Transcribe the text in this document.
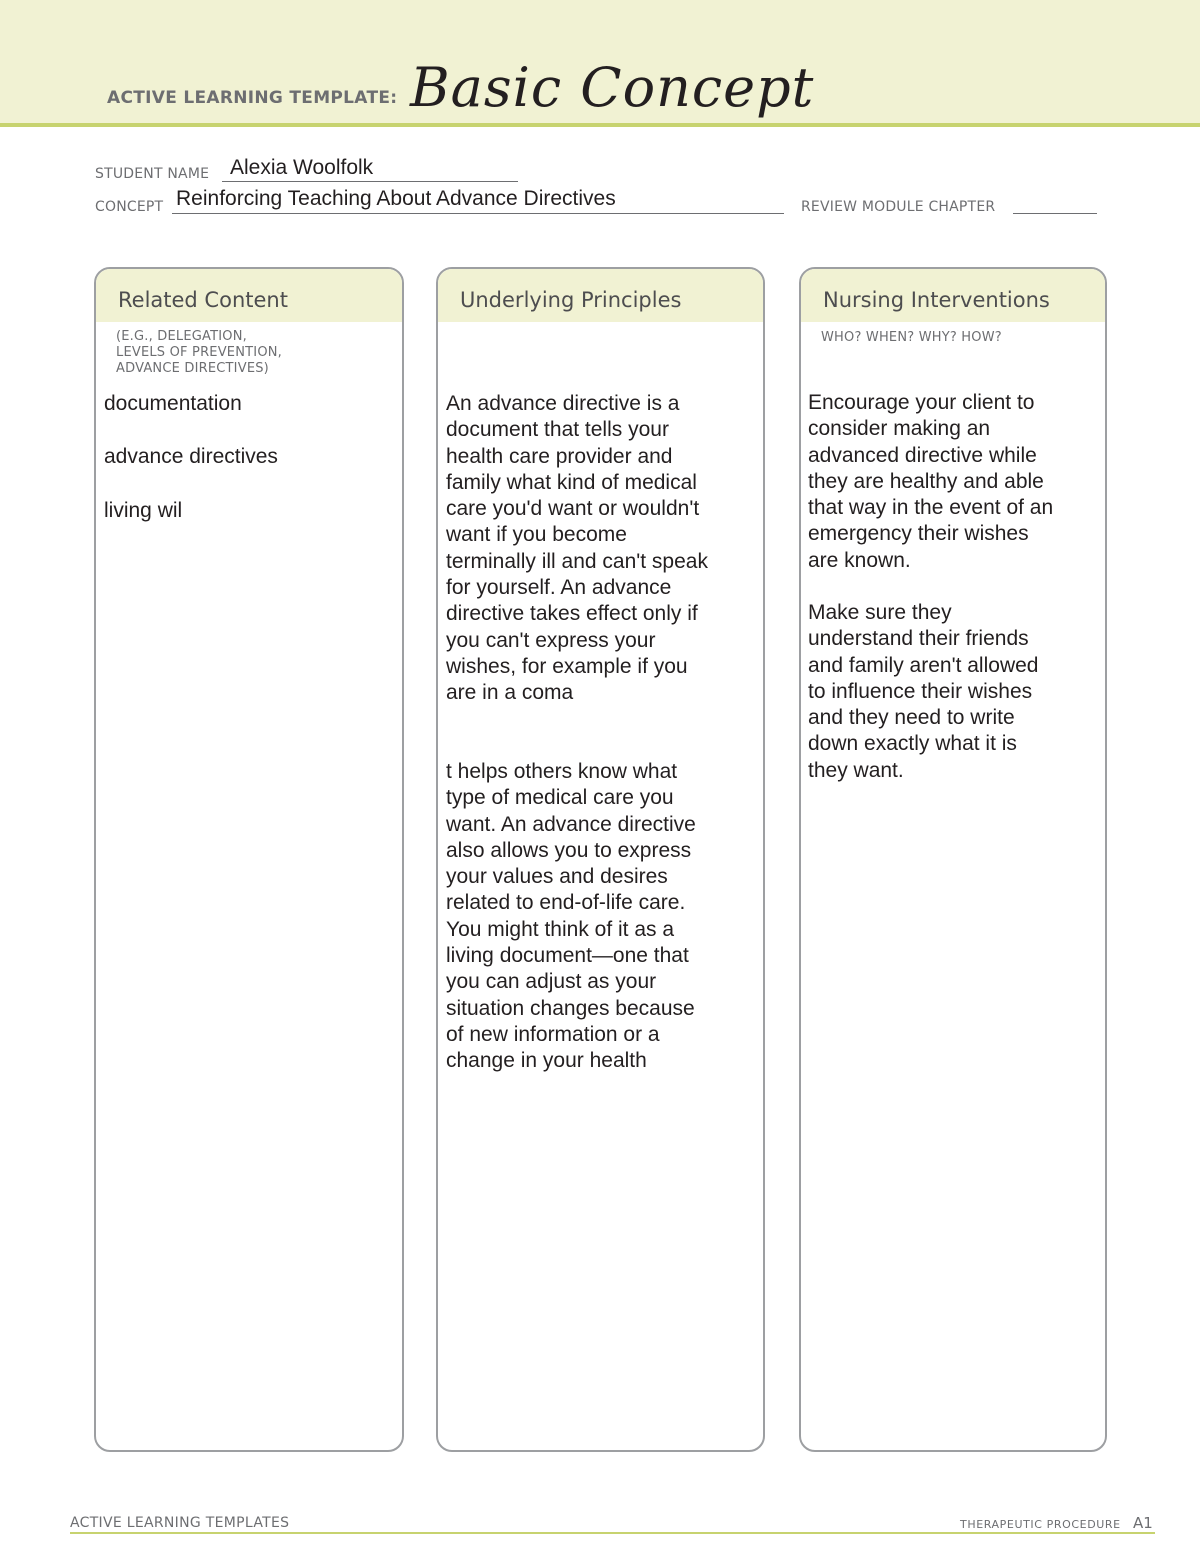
ACTIVE LEARNING TEMPLATE: Basic Concept
STUDENT NAME Alexia Woolfolk
CONCEPT Reinforcing Teaching About Advance Directives	REVIEW MODULE CHAPTER
Related Content
(E.G., DELEGATION,
LEVELS OF PREVENTION,
ADVANCE DIRECTIVES)
documentation
advance directives
living wil
Underlying Principles
An advance directive is a
document that tells your
health care provider and
family what kind of medical
care you'd want or wouldn't
want if you become
terminally ill and can't speak
for yourself. An advance
directive takes effect only if
you can't express your
wishes, for example if you
are in a coma
t helps others know what
type of medical care you
want. An advance directive
also allows you to express
your values and desires
related to end-of-life care.
You might think of it as a
living document—one that
you can adjust as your
situation changes because
of new information or a
change in your health
Nursing Interventions
WHO? WHEN? WHY? HOW?
Encourage your client to
consider making an
advanced directive while
they are healthy and able
that way in the event of an
emergency their wishes
are known.
Make sure they
understand their friends
and family aren't allowed
to influence their wishes
and they need to write
down exactly what it is
they want.
ACTIVE LEARNING TEMPLATES	THERAPEUTIC PROCEDURE A1
